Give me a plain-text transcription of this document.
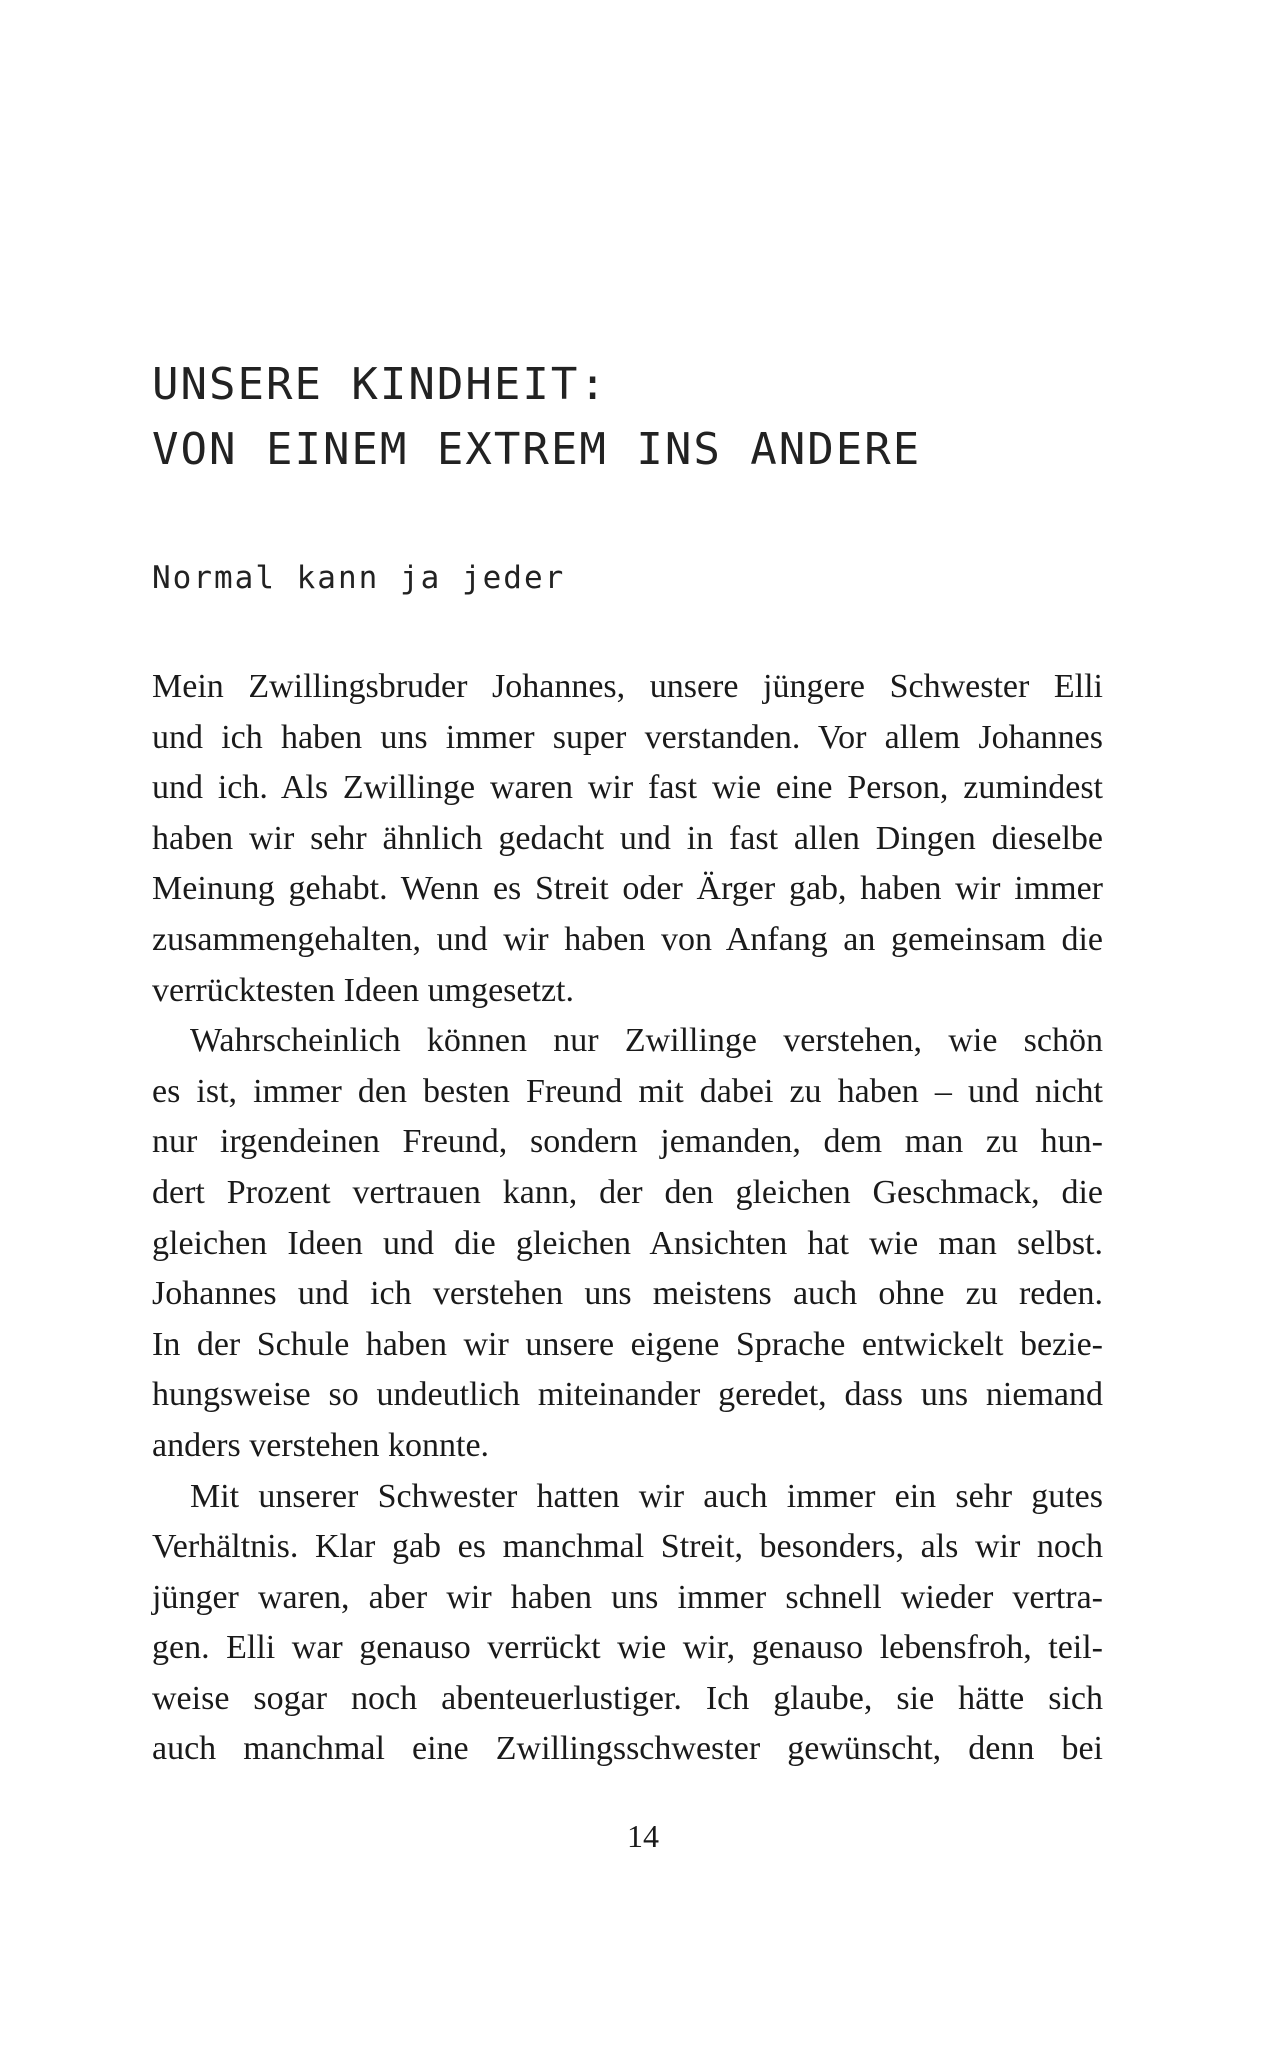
UNSERE KINDHEIT:
VON EINEM EXTREM INS ANDERE
Normal kann ja jeder
Mein Zwillingsbruder Johannes, unsere jüngere Schwester Elli
und ich haben uns immer super verstanden. Vor allem Johannes
und ich. Als Zwillinge waren wir fast wie eine Person, zumindest
haben wir sehr ähnlich gedacht und in fast allen Dingen dieselbe
Meinung gehabt. Wenn es Streit oder Ärger gab, haben wir immer
zusammengehalten, und wir haben von Anfang an gemeinsam die
verrücktesten Ideen umgesetzt.
Wahrscheinlich können nur Zwillinge verstehen, wie schön
es ist, immer den besten Freund mit dabei zu haben – und nicht
nur irgendeinen Freund, sondern jemanden, dem man zu hun-
dert Prozent vertrauen kann, der den gleichen Geschmack, die
gleichen Ideen und die gleichen Ansichten hat wie man selbst.
Johannes und ich verstehen uns meistens auch ohne zu reden.
In der Schule haben wir unsere eigene Sprache entwickelt bezie-
hungsweise so undeutlich miteinander geredet, dass uns niemand
anders verstehen konnte.
Mit unserer Schwester hatten wir auch immer ein sehr gutes
Verhältnis. Klar gab es manchmal Streit, besonders, als wir noch
jünger waren, aber wir haben uns immer schnell wieder vertra-
gen. Elli war genauso verrückt wie wir, genauso lebensfroh, teil-
weise sogar noch abenteuerlustiger. Ich glaube, sie hätte sich
auch manchmal eine Zwillingsschwester gewünscht, denn bei
14
